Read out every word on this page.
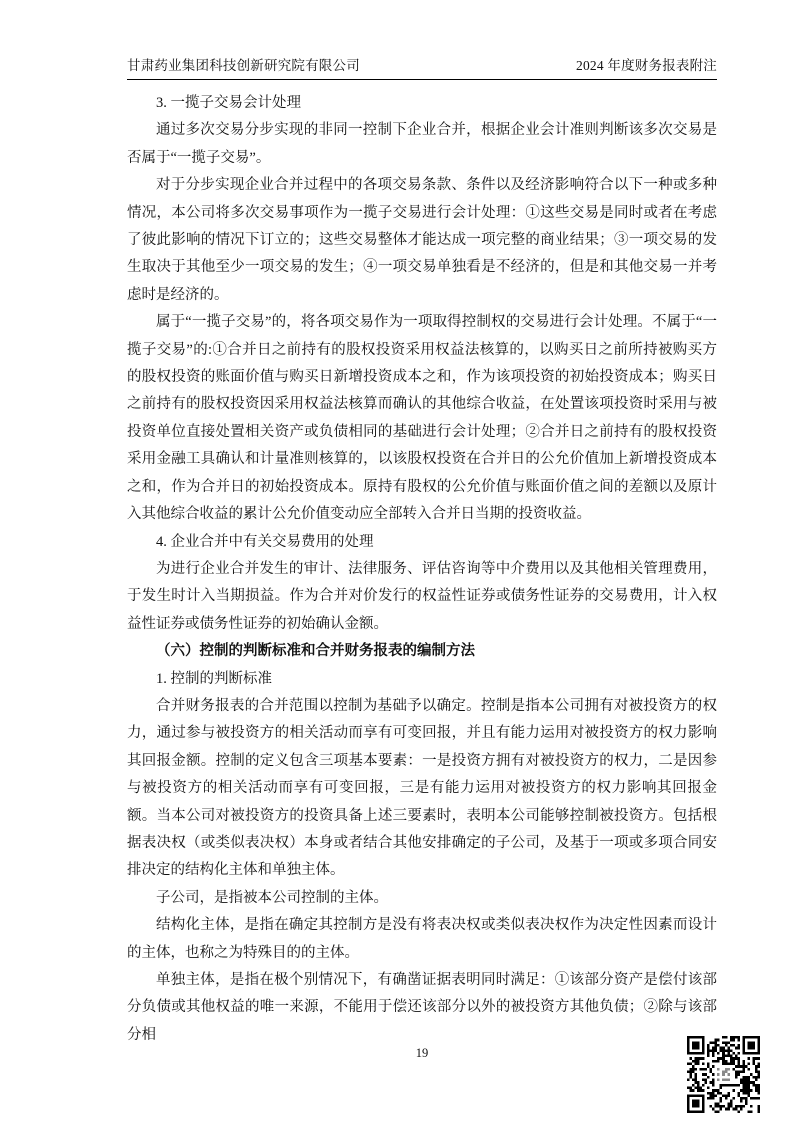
甘肃药业集团科技创新研究院有限公司	2024 年度财务报表附注

3. 一揽子交易会计处理

通过多次交易分步实现的非同一控制下企业合并，根据企业会计准则判断该多次交易是否属于“一揽子交易”。

对于分步实现企业合并过程中的各项交易条款、条件以及经济影响符合以下一种或多种情况，本公司将多次交易事项作为一揽子交易进行会计处理：①这些交易是同时或者在考虑了彼此影响的情况下订立的；这些交易整体才能达成一项完整的商业结果；③一项交易的发生取决于其他至少一项交易的发生；④一项交易单独看是不经济的，但是和其他交易一并考虑时是经济的。

属于“一揽子交易”的，将各项交易作为一项取得控制权的交易进行会计处理。不属于“一揽子交易”的:①合并日之前持有的股权投资采用权益法核算的，以购买日之前所持被购买方的股权投资的账面价值与购买日新增投资成本之和，作为该项投资的初始投资成本；购买日之前持有的股权投资因采用权益法核算而确认的其他综合收益，在处置该项投资时采用与被投资单位直接处置相关资产或负债相同的基础进行会计处理；②合并日之前持有的股权投资采用金融工具确认和计量准则核算的，以该股权投资在合并日的公允价值加上新增投资成本之和，作为合并日的初始投资成本。原持有股权的公允价值与账面价值之间的差额以及原计入其他综合收益的累计公允价值变动应全部转入合并日当期的投资收益。

4. 企业合并中有关交易费用的处理

为进行企业合并发生的审计、法律服务、评估咨询等中介费用以及其他相关管理费用，于发生时计入当期损益。作为合并对价发行的权益性证券或债务性证券的交易费用，计入权益性证券或债务性证券的初始确认金额。

（六）控制的判断标准和合并财务报表的编制方法

1. 控制的判断标准

合并财务报表的合并范围以控制为基础予以确定。控制是指本公司拥有对被投资方的权力，通过参与被投资方的相关活动而享有可变回报，并且有能力运用对被投资方的权力影响其回报金额。控制的定义包含三项基本要素：一是投资方拥有对被投资方的权力，二是因参与被投资方的相关活动而享有可变回报，三是有能力运用对被投资方的权力影响其回报金额。当本公司对被投资方的投资具备上述三要素时，表明本公司能够控制被投资方。包括根据表决权（或类似表决权）本身或者结合其他安排确定的子公司，及基于一项或多项合同安排决定的结构化主体和单独主体。

子公司，是指被本公司控制的主体。

结构化主体，是指在确定其控制方是没有将表决权或类似表决权作为决定性因素而设计的主体，也称之为特殊目的的主体。

单独主体，是指在极个别情况下，有确凿证据表明同时满足：①该部分资产是偿付该部分负债或其他权益的唯一来源，不能用于偿还该部分以外的被投资方其他负债；②除与该部分相

19
